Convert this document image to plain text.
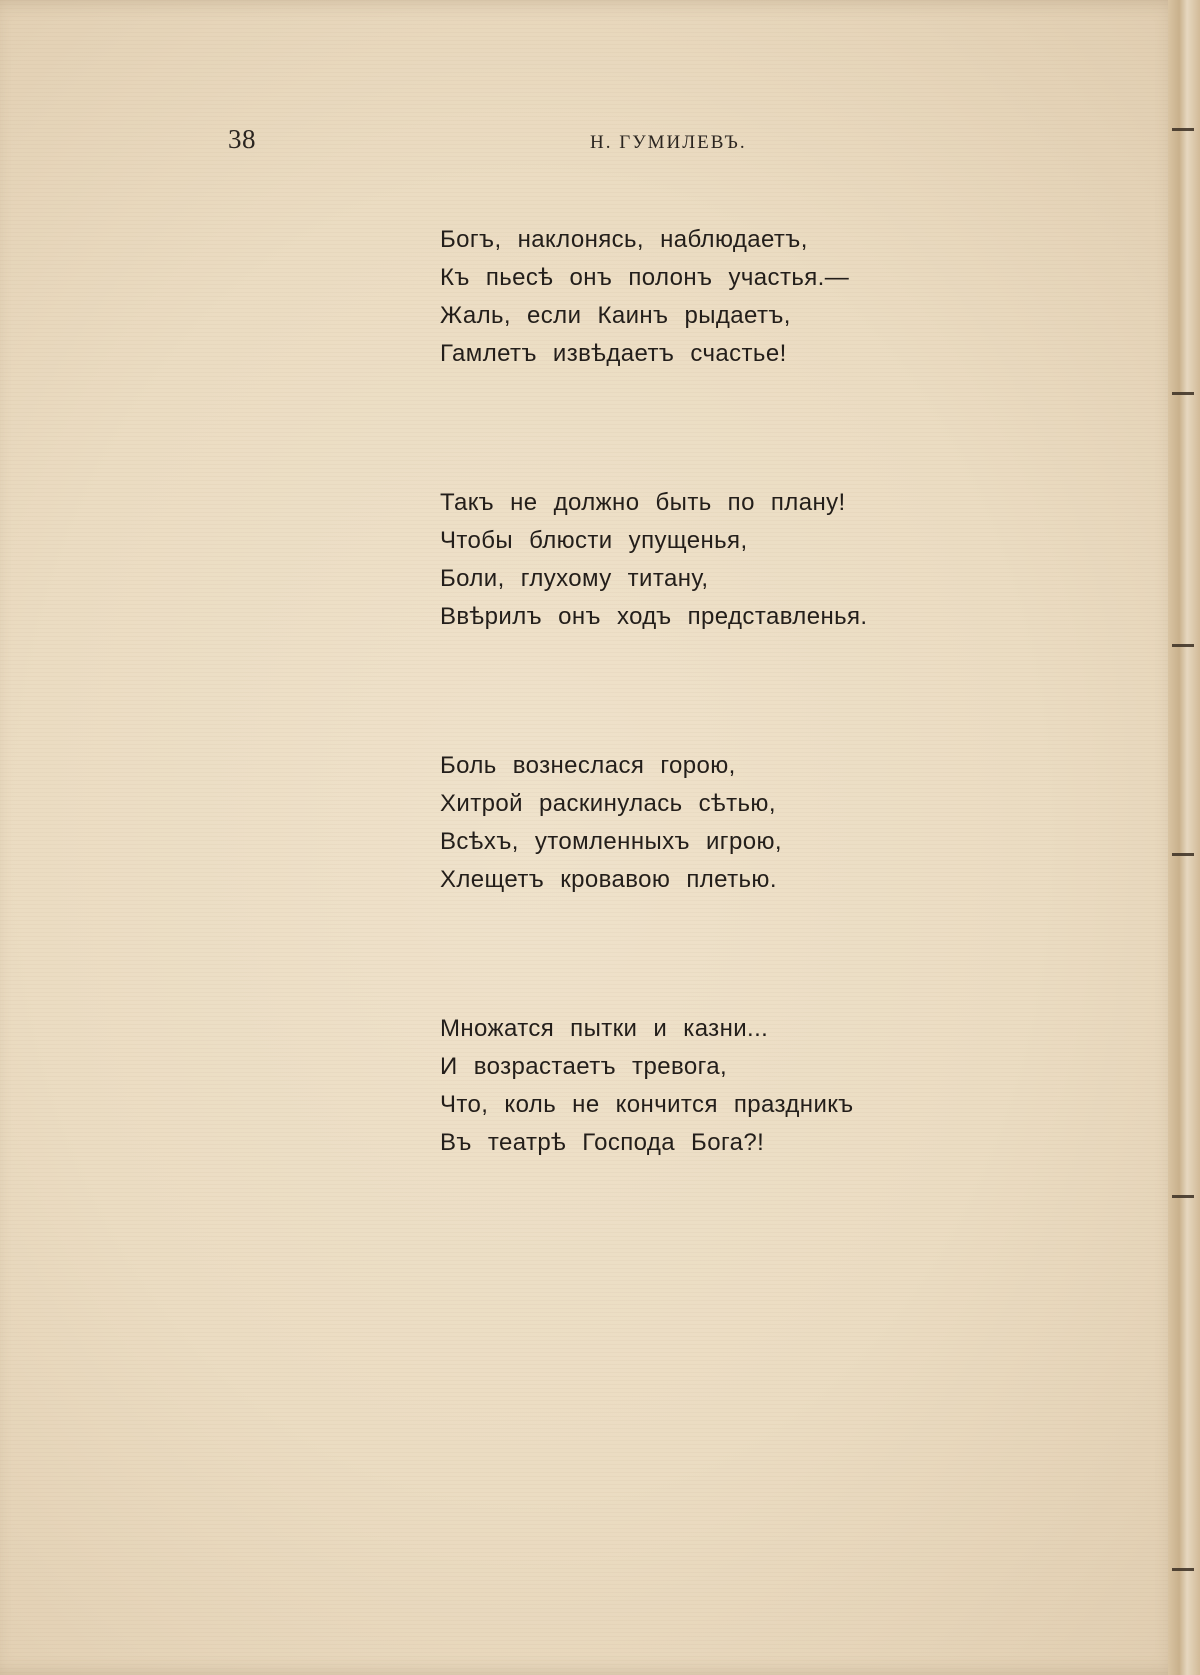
38	Н. ГУМИЛЕВЪ.
Богъ, наклонясь, наблюдаетъ,
Къ пьесѣ онъ полонъ участья.—
Жаль, если Каинъ рыдаетъ,
Гамлетъ извѣдаетъ счастье!
Такъ не должно быть по плану!
Чтобы блюсти упущенья,
Боли, глухому титану,
Ввѣрилъ онъ ходъ представленья.
Боль вознеслася горою,
Хитрой раскинулась сѣтью,
Всѣхъ, утомленныхъ игрою,
Хлещетъ кровавою плетью.
Множатся пытки и казни...
И возрастаетъ тревога,
Что, коль не кончится праздникъ
Въ театрѣ Господа Бога?!
